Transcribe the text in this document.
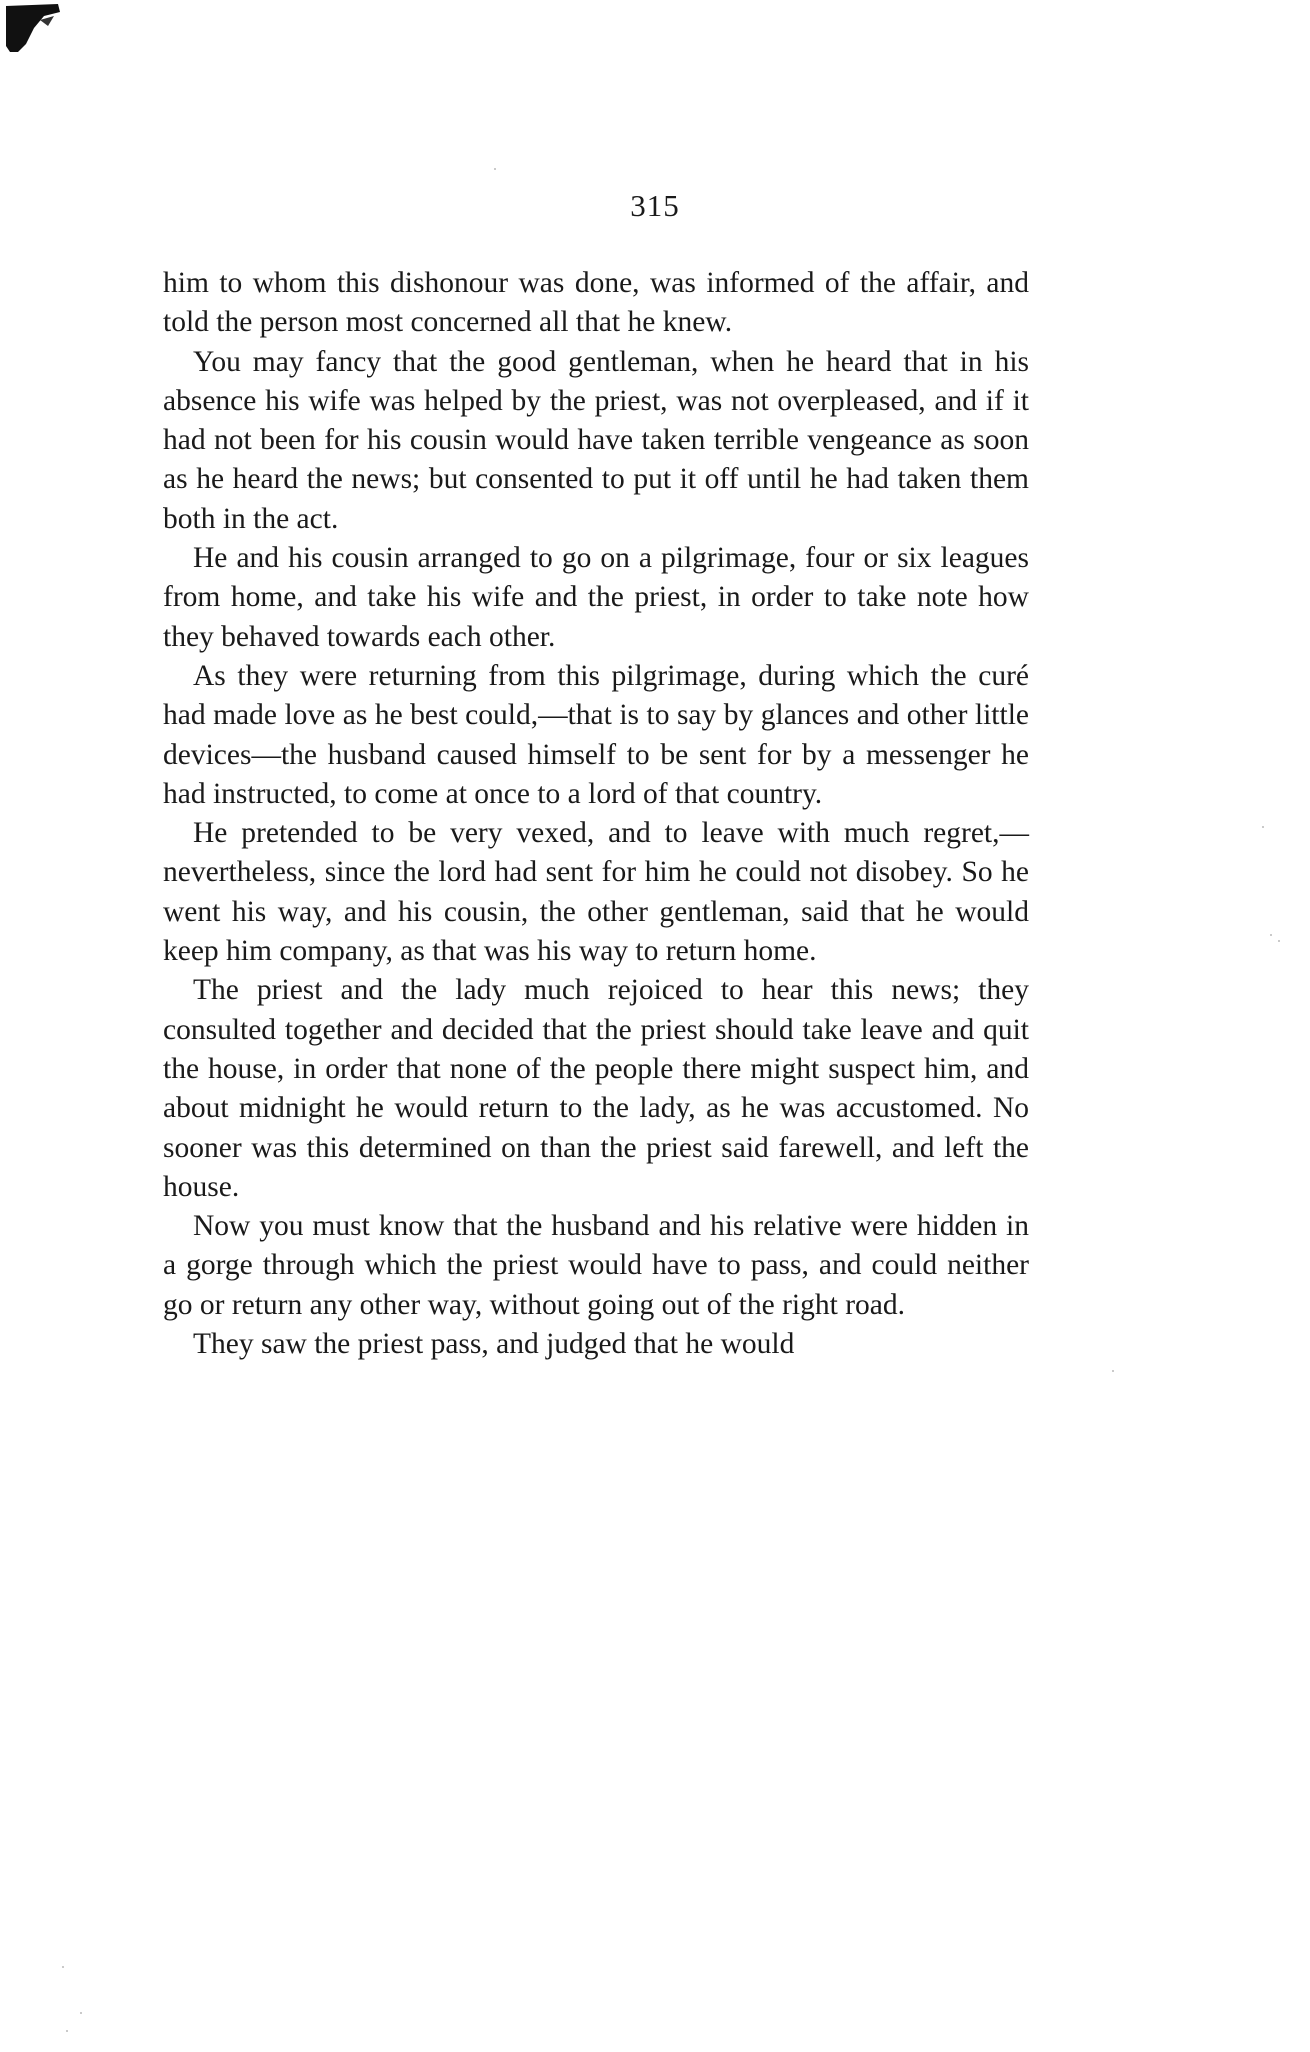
315

him to whom this dishonour was done, was informed of the affair, and told the person most concerned all that he knew.

You may fancy that the good gentleman, when he heard that in his absence his wife was helped by the priest, was not overpleased, and if it had not been for his cousin would have taken terrible vengeance as soon as he heard the news; but consented to put it off until he had taken them both in the act.

He and his cousin arranged to go on a pilgrimage, four or six leagues from home, and take his wife and the priest, in order to take note how they behaved towards each other.

As they were returning from this pilgrimage, during which the curé had made love as he best could,—that is to say by glances and other little devices—the husband caused himself to be sent for by a messenger he had instructed, to come at once to a lord of that country.

He pretended to be very vexed, and to leave with much regret,—nevertheless, since the lord had sent for him he could not disobey. So he went his way, and his cousin, the other gentleman, said that he would keep him company, as that was his way to return home.

The priest and the lady much rejoiced to hear this news; they consulted together and decided that the priest should take leave and quit the house, in order that none of the people there might suspect him, and about midnight he would return to the lady, as he was accustomed. No sooner was this determined on than the priest said farewell, and left the house.

Now you must know that the husband and his relative were hidden in a gorge through which the priest would have to pass, and could neither go or return any other way, without going out of the right road.

They saw the priest pass, and judged that he would
